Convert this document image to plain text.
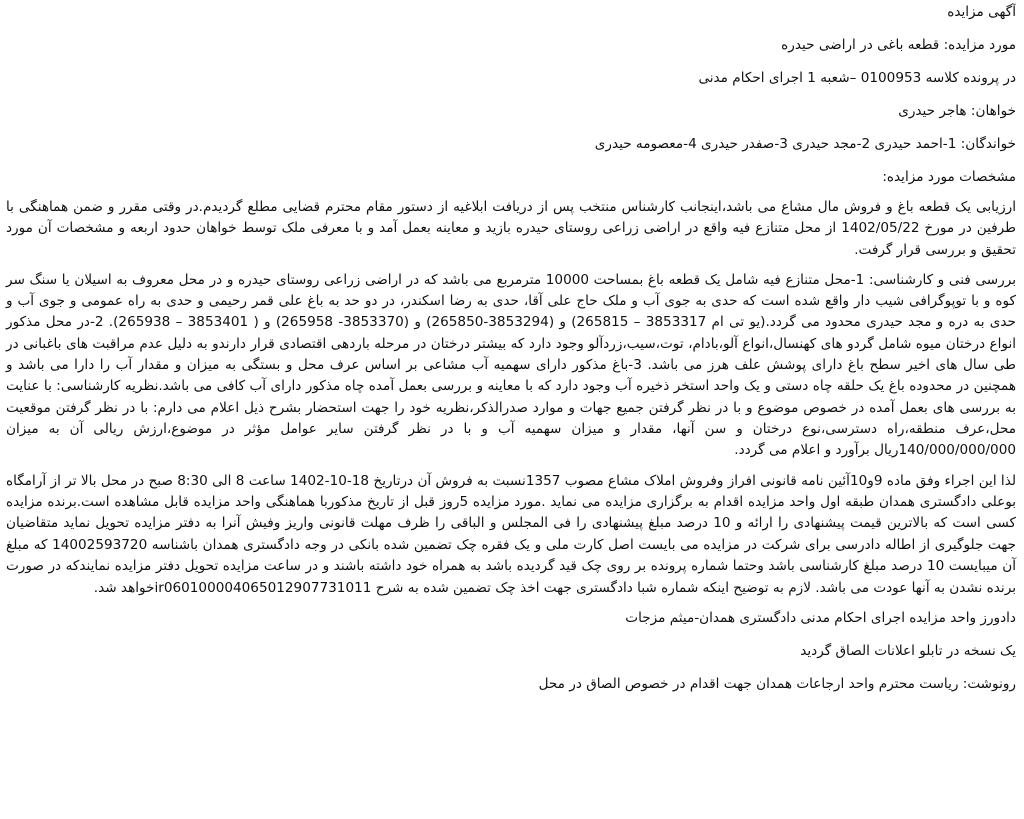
آگهی مزایده
مورد مزایده: قطعه باغی در اراضی حیدره
در پرونده کلاسه 0100953 –شعبه 1 اجرای احکام مدنی
خواهان: هاجر حیدری
خواندگان: 1-احمد حیدری 2-مجد حیدری 3-صفدر حیدری 4-معصومه حیدری
مشخصات مورد مزایده:
ارزیابی یک قطعه باغ و فروش مال مشاع می باشد،اینجانب کارشناس منتخب پس از دریافت ابلاغیه از دستور مقام محترم قضایی مطلع گردیدم.در وقتی مقرر و ضمن هماهنگی با طرفین در مورخ 1402/05/22 از محل متنازع فیه واقع در اراضی زراعی روستای حیدره بازید و معاینه بعمل آمد و با معرفی ملک توسط خواهان حدود اربعه و مشخصات آن مورد تحقیق و بررسی قرار گرفت.
بررسی فنی و کارشناسی: 1-محل متنازع فیه شامل یک قطعه باغ بمساحت 10000 مترمربع می باشد که در اراضی زراعی روستای حیدره و در محل معروف به اسیلان یا سنگ سر کوه و با توپوگرافی شیب دار واقع شده است که حدی به جوی آب و ملک حاج علی آقا، حدی به رضا اسکندر، در دو حد به باغ علی قمر رحیمی و حدی به راه عمومی و جوی آب و حدی به دره و مجد حیدری محدود می گردد.(یو تی ام 3853317 – 265815) و (3853294-265850) و (3853370- 265958) و ( 3853401 – 265938). 2-در محل مذکور انواع درختان میوه شامل گردو های کهنسال،انواع آلو،بادام، توت،سیب،زردآلو وجود دارد که بیشتر درختان در مرحله باردهی اقتصادی قرار دارندو به دلیل عدم مراقبت های باغبانی در طی سال های اخیر سطح باغ دارای پوشش علف هرز می باشد. 3-باغ مذکور دارای سهمیه آب مشاعی بر اساس عرف محل و بستگی به میزان و مقدار آب را دارا می باشد و همچنین در محدوده باغ یک حلقه چاه دستی و یک واحد استخر ذخیره آب وجود دارد که با معاینه و بررسی بعمل آمده چاه مذکور دارای آب کافی می باشد.نظریه کارشناسی: با عنایت به بررسی های بعمل آمده در خصوص موضوع و با در نظر گرفتن جمیع جهات و موارد صدرالذکر،نظریه خود را جهت استحضار بشرح ذیل اعلام می دارم: با در نظر گرفتن موقعیت محل،عرف منطقه،راه دسترسی،نوع درختان و سن آنها، مقدار و میزان سهمیه آب و با در نظر گرفتن سایر عوامل مؤثر در موضوع،ارزش ریالی آن به میزان 140/000/000/000ریال برآورد و اعلام می گردد.
لذا این اجراء وفق ماده 9و10آئین نامه قانونی افراز وفروش املاک مشاع مصوب 1357نسبت به فروش آن درتاریخ 18-10-1402 ساعت 8 الی 8:30 صبح در محل بالا تر از آرامگاه بوعلی دادگستری همدان طبقه اول واحد مزایده اقدام به برگزاری مزایده می نماید .مورد مزایده 5روز قبل از تاریخ مذکوربا هماهنگی واحد مزایده قابل مشاهده است.برنده مزایده کسی است که بالاترین قیمت پیشنهادی را ارائه و 10 درصد مبلغ پیشنهادی را فی المجلس و الباقی را ظرف مهلت قانونی واریز وفیش آنرا به دفتر مزایده تحویل نماید متقاضیان جهت جلوگیری از اطاله دادرسی برای شرکت در مزایده می بایست اصل کارت ملی و یک فقره چک تضمین شده بانکی در وجه دادگستری همدان باشناسه 14002593720 که مبلغ آن میبایست 10 درصد مبلغ کارشناسی باشد وحتما شماره پرونده بر روی چک قید گردیده باشد به همراه خود داشته باشند و در ساعت مزایده تحویل دفتر مزایده نمایندکه در صورت برنده نشدن به آنها عودت می باشد. لازم به توضیح اینکه شماره شبا دادگستری جهت اخذ چک تضمین شده به شرح ir060100004065012907731011خواهد شد.
دادورز واحد مزایده اجرای احکام مدنی دادگستری همدان-میثم مزجات
یک نسخه در تابلو اعلانات الصاق گردید
رونوشت: ریاست محترم واحد ارجاعات همدان جهت اقدام در خصوص الصاق در محل
